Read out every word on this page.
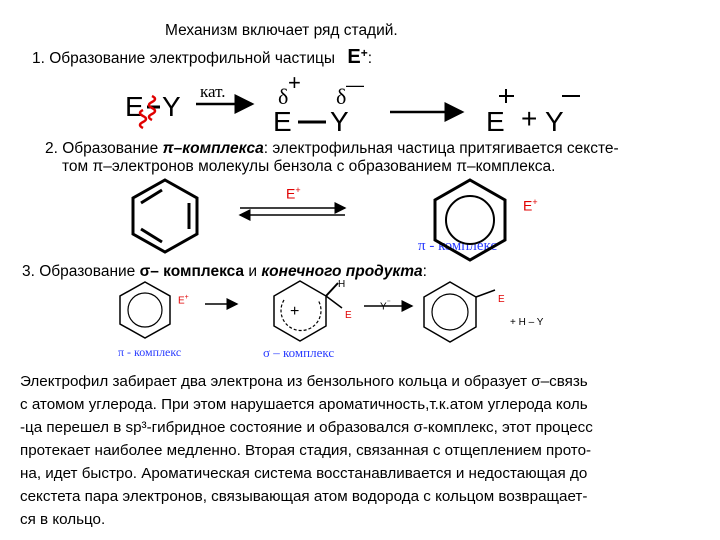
Механизм включает ряд стадий.
1. Образование электрофильной частицы E+:
E Y кат. δ
+
δ —
E Y	E + Y
2. Образование π–комплекса: электрофильная частица притягивается сексте-
том π–электронов молекулы бензола с образованием π–комплекса.
E+
E+
π - комплекс
3. Образование σ– комплекса и конечного продукта:
E+
H
+	E
Y⁻	E
+ H – Y
π - комплекс	σ – комплекс
Электрофил забирает два электрона из бензольного кольца и образует σ–связь
с атомом углерода. При этом нарушается ароматичность,т.к.атом углерода коль
-ца перешел в sp³-гибридное состояние и образовался σ-комплекс, этот процесс
протекает наиболее медленно. Вторая стадия, связанная с отщеплением прото-
на, идет быстро. Ароматическая система восстанавливается и недостающая до
секстета пара электронов, связывающая атом водорода с кольцом возвращает-
ся в кольцо.
